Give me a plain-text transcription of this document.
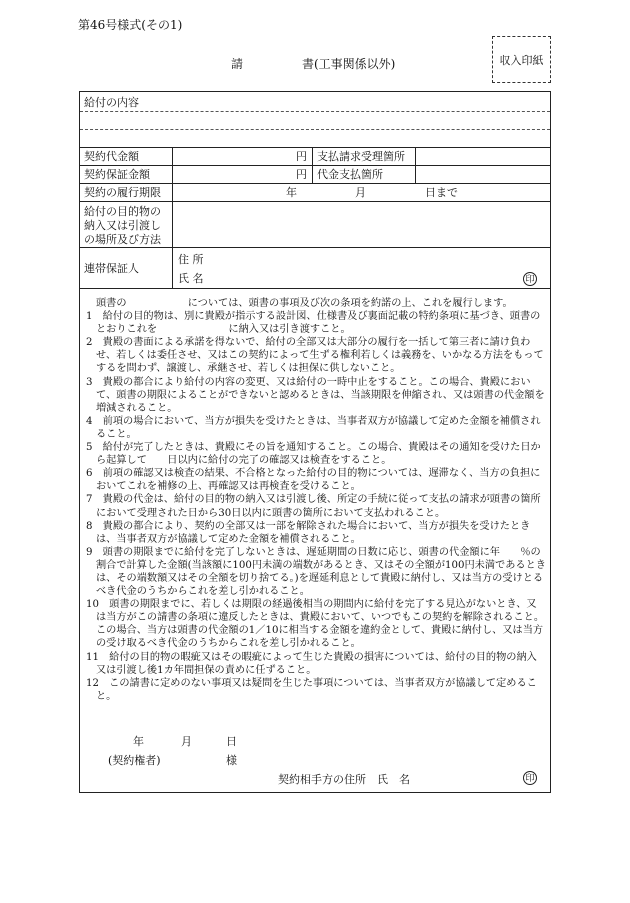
第46号様式(その1)
請	書(工事関係以外)	収入印紙
給付の内容
契約代金額	円 支払請求受理箇所
契約保証金額	円 代金支払箇所
契約の履行期限	年	月	日まで
給付の目的物の
納入又は引渡し
の場所及び方法
連帯保証人
住 所
氏 名	印

頭書の　　　　　　については、頭書の事項及び次の条項を約諾の上、これを履行します。

1　給付の目的物は、別に貴殿が指示する設計図、仕様書及び裏面記載の特約条項に基づき、頭書のとおりこれを　　　　　　　に納入又は引き渡すこと。

2　貴殿の書面による承諾を得ないで、給付の全部又は大部分の履行を一括して第三者に請け負わせ、若しくは委任させ、又はこの契約によって生ずる権利若しくは義務を、いかなる方法をもってするを問わず、譲渡し、承継させ、若しくは担保に供しないこと。

3　貴殿の都合により給付の内容の変更、又は給付の一時中止をすること。この場合、貴殿において、頭書の期限によることができないと認めるときは、当該期限を伸縮され、又は頭書の代金額を増減されること。

4　前項の場合において、当方が損失を受けたときは、当事者双方が協議して定めた金額を補償されること。

5　給付が完了したときは、貴殿にその旨を通知すること。この場合、貴殿はその通知を受けた日から起算して　　日以内に給付の完了の確認又は検査をすること。

6　前項の確認又は検査の結果、不合格となった給付の目的物については、遅滞なく、当方の負担においてこれを補修の上、再確認又は再検査を受けること。

7　貴殿の代金は、給付の目的物の納入又は引渡し後、所定の手続に従って支払の請求が頭書の箇所において受理された日から30日以内に頭書の箇所において支払われること。

8　貴殿の都合により、契約の全部又は一部を解除された場合において、当方が損失を受けたときは、当事者双方が協議して定めた金額を補償されること。

9　頭書の期限までに給付を完了しないときは、遅延期間の日数に応じ、頭書の代金額に年　　％の割合で計算した金額(当該額に100円未満の端数があるとき、又はその全額が100円未満であるときは、その端数額又はその全額を切り捨てる。)を遅延利息として貴殿に納付し、又は当方の受けとるべき代金のうちからこれを差し引かれること。

10　頭書の期限までに、若しくは期限の経過後相当の期間内に給付を完了する見込がないとき、又は当方がこの請書の条項に違反したときは、貴殿において、いつでもこの契約を解除されること。この場合、当方は頭書の代金額の1／10に相当する金額を違約金として、貴殿に納付し、又は当方の受け取るべき代金のうちからこれを差し引かれること。

11　給付の目的物の暇疵又はその暇疵によって生じた貴殿の損害については、給付の目的物の納入又は引渡し後1カ年間担保の責めに任ずること。

12　この請書に定めのない事項又は疑問を生じた事項については、当事者双方が協議して定めること。

年	月	日
(契約権者)	様
契約相手方の住所　氏　名	印
